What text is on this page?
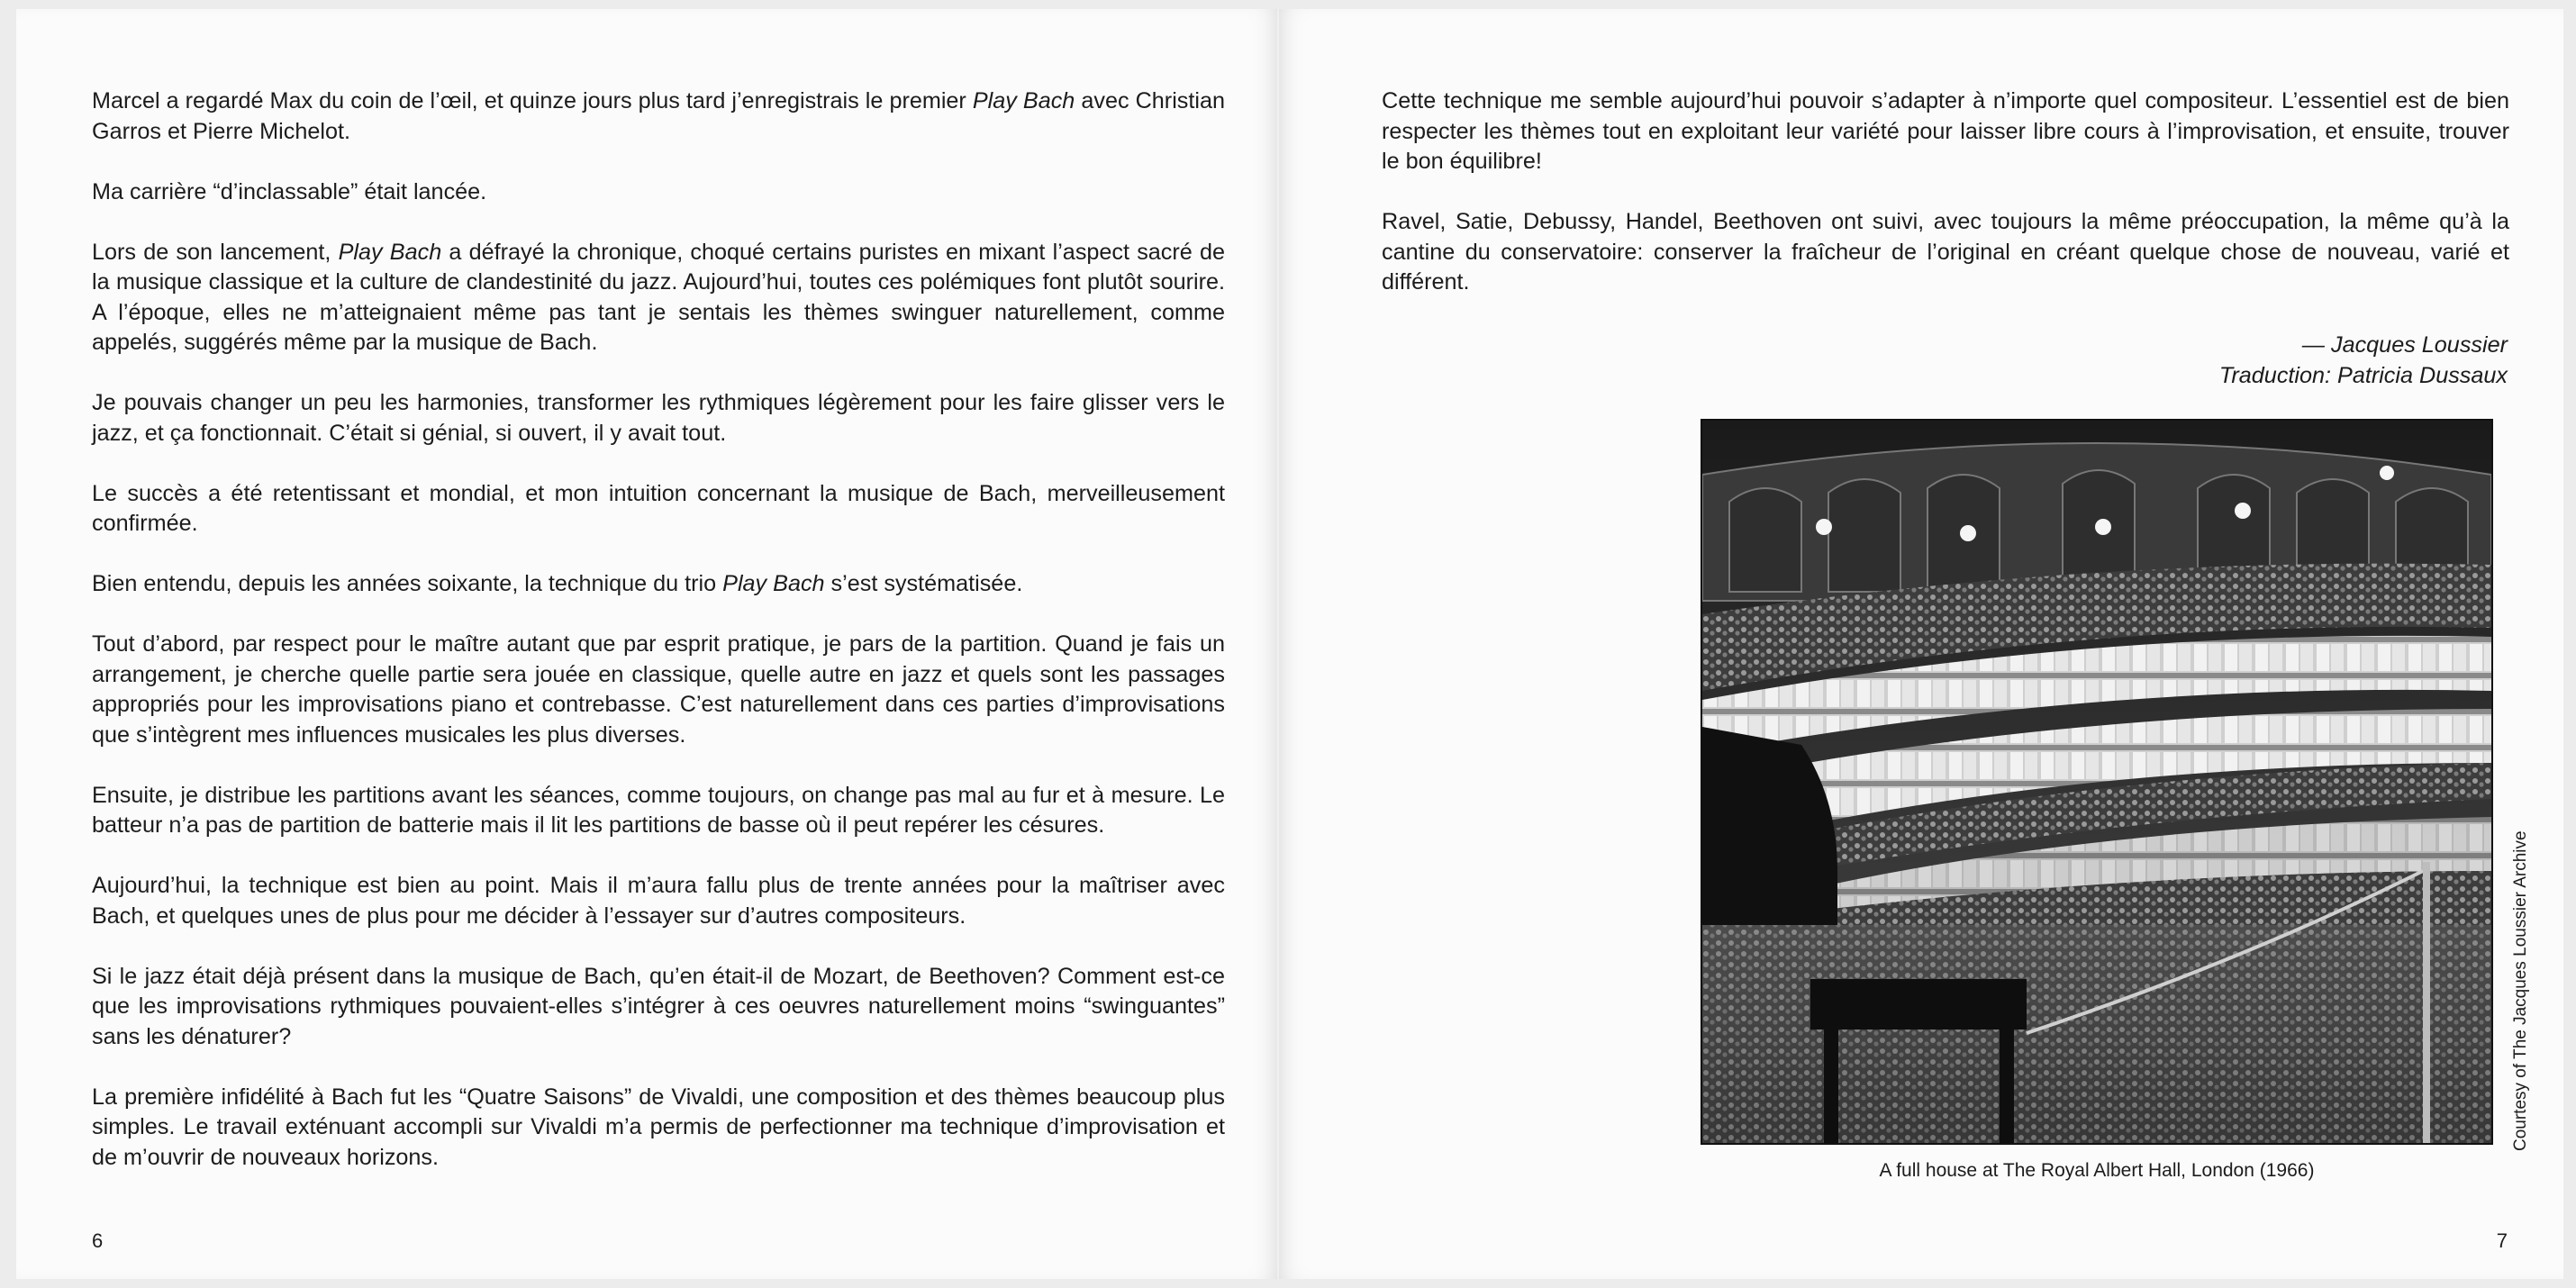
Marcel a regardé Max du coin de l’œil, et quinze jours plus tard j’enregistrais le premier Play Bach avec Christian Garros et Pierre Michelot.

Ma carrière “d’inclassable” était lancée.

Lors de son lancement, Play Bach a défrayé la chronique, choqué certains puristes en mixant l’aspect sacré de la musique classique et la culture de clandestinité du jazz. Aujourd’hui, toutes ces polémiques font plutôt sourire. A l’époque, elles ne m’atteignaient même pas tant je sentais les thèmes swinguer naturellement, comme appelés, suggérés même par la musique de Bach.

Je pouvais changer un peu les harmonies, transformer les rythmiques légèrement pour les faire glisser vers le jazz, et ça fonctionnait. C’était si génial, si ouvert, il y avait tout.

Le succès a été retentissant et mondial, et mon intuition concernant la musique de Bach, merveilleusement confirmée.

Bien entendu, depuis les années soixante, la technique du trio Play Bach s’est systématisée.

Tout d’abord, par respect pour le maître autant que par esprit pratique, je pars de la partition. Quand je fais un arrangement, je cherche quelle partie sera jouée en classique, quelle autre en jazz et quels sont les passages appropriés pour les improvisations piano et contrebasse. C’est naturellement dans ces parties d’improvisations que s’intègrent mes influences musicales les plus diverses.

Ensuite, je distribue les partitions avant les séances, comme toujours, on change pas mal au fur et à mesure. Le batteur n’a pas de partition de batterie mais il lit les partitions de basse où il peut repérer les césures.

Aujourd’hui, la technique est bien au point. Mais il m’aura fallu plus de trente années pour la maîtriser avec Bach, et quelques unes de plus pour me décider à l’essayer sur d’autres compositeurs.

Si le jazz était déjà présent dans la musique de Bach, qu’en était-il de Mozart, de Beethoven? Comment est-ce que les improvisations rythmiques pouvaient-elles s’intégrer à ces oeuvres naturellement moins “swinguantes” sans les dénaturer?

La première infidélité à Bach fut les “Quatre Saisons” de Vivaldi, une composition et des thèmes beaucoup plus simples. Le travail exténuant accompli sur Vivaldi m’a permis de perfectionner ma technique d’improvisation et de m’ouvrir de nouveaux horizons.

6

Cette technique me semble aujourd’hui pouvoir s’adapter à n’importe quel compositeur. L’essentiel est de bien respecter les thèmes tout en exploitant leur variété pour laisser libre cours à l’improvisation, et ensuite, trouver le bon équilibre!

Ravel, Satie, Debussy, Handel, Beethoven ont suivi, avec toujours la même préoccupation, la même qu’à la cantine du conservatoire: conserver la fraîcheur de l’original en créant quelque chose de nouveau, varié et différent.

— Jacques Loussier
Traduction: Patricia Dussaux
A full house at The Royal Albert Hall, London (1966)
Courtesy of The Jacques Loussier Archive
7
